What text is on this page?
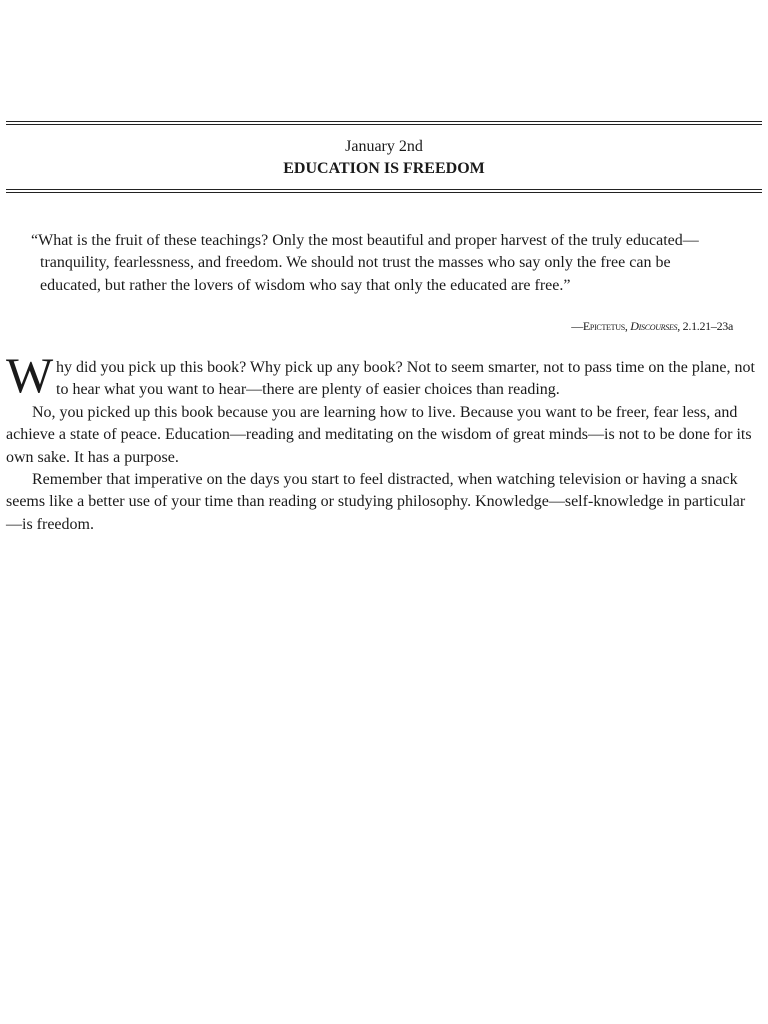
January 2nd
EDUCATION IS FREEDOM

“What is the fruit of these teachings? Only the most beautiful and proper harvest of the truly educated—tranquility, fearlessness, and freedom. We should not trust the masses who say only the free can be educated, but rather the lovers of wisdom who say that only the educated are free.”

—Epictetus, Discourses, 2.1.21–23a

W hy did you pick up this book? Why pick up any book? Not to seem smarter, not to pass time on the plane, not to hear what you want to hear—there are plenty of easier choices than reading.

No, you picked up this book because you are learning how to live. Because you want to be freer, fear less, and achieve a state of peace. Education—reading and meditating on the wisdom of great minds—is not to be done for its own sake. It has a purpose.

Remember that imperative on the days you start to feel distracted, when watching television or having a snack seems like a better use of your time than reading or studying philosophy. Knowledge—self-knowledge in particular—is freedom.
